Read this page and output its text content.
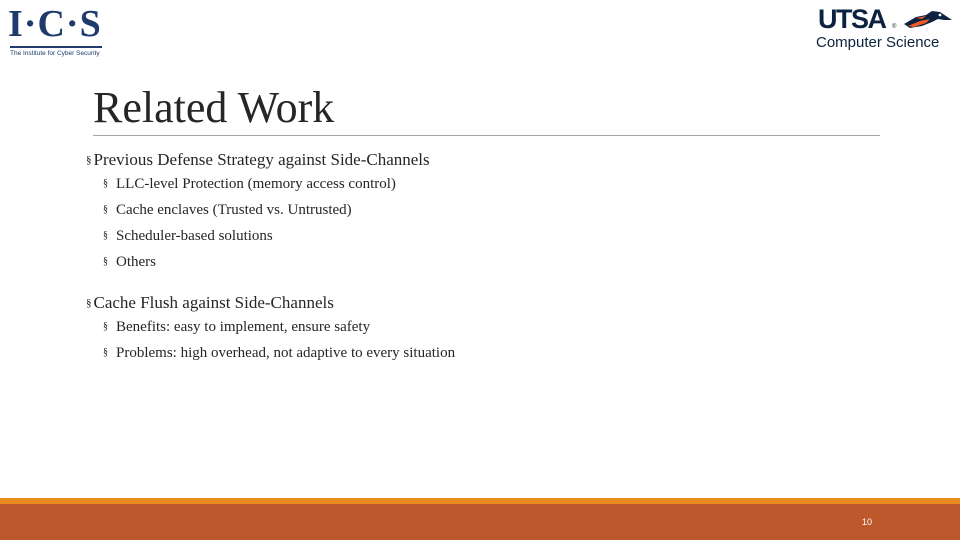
I·C·S
The Institute for Cyber Security
UTSA ®
Computer Science
Related Work
§ Previous Defense Strategy against Side-Channels
§ LLC-level Protection (memory access control)
§ Cache enclaves (Trusted vs. Untrusted)
§ Scheduler-based solutions
§ Others
§ Cache Flush against Side-Channels
§ Benefits: easy to implement, ensure safety
§ Problems: high overhead, not adaptive to every situation
10
